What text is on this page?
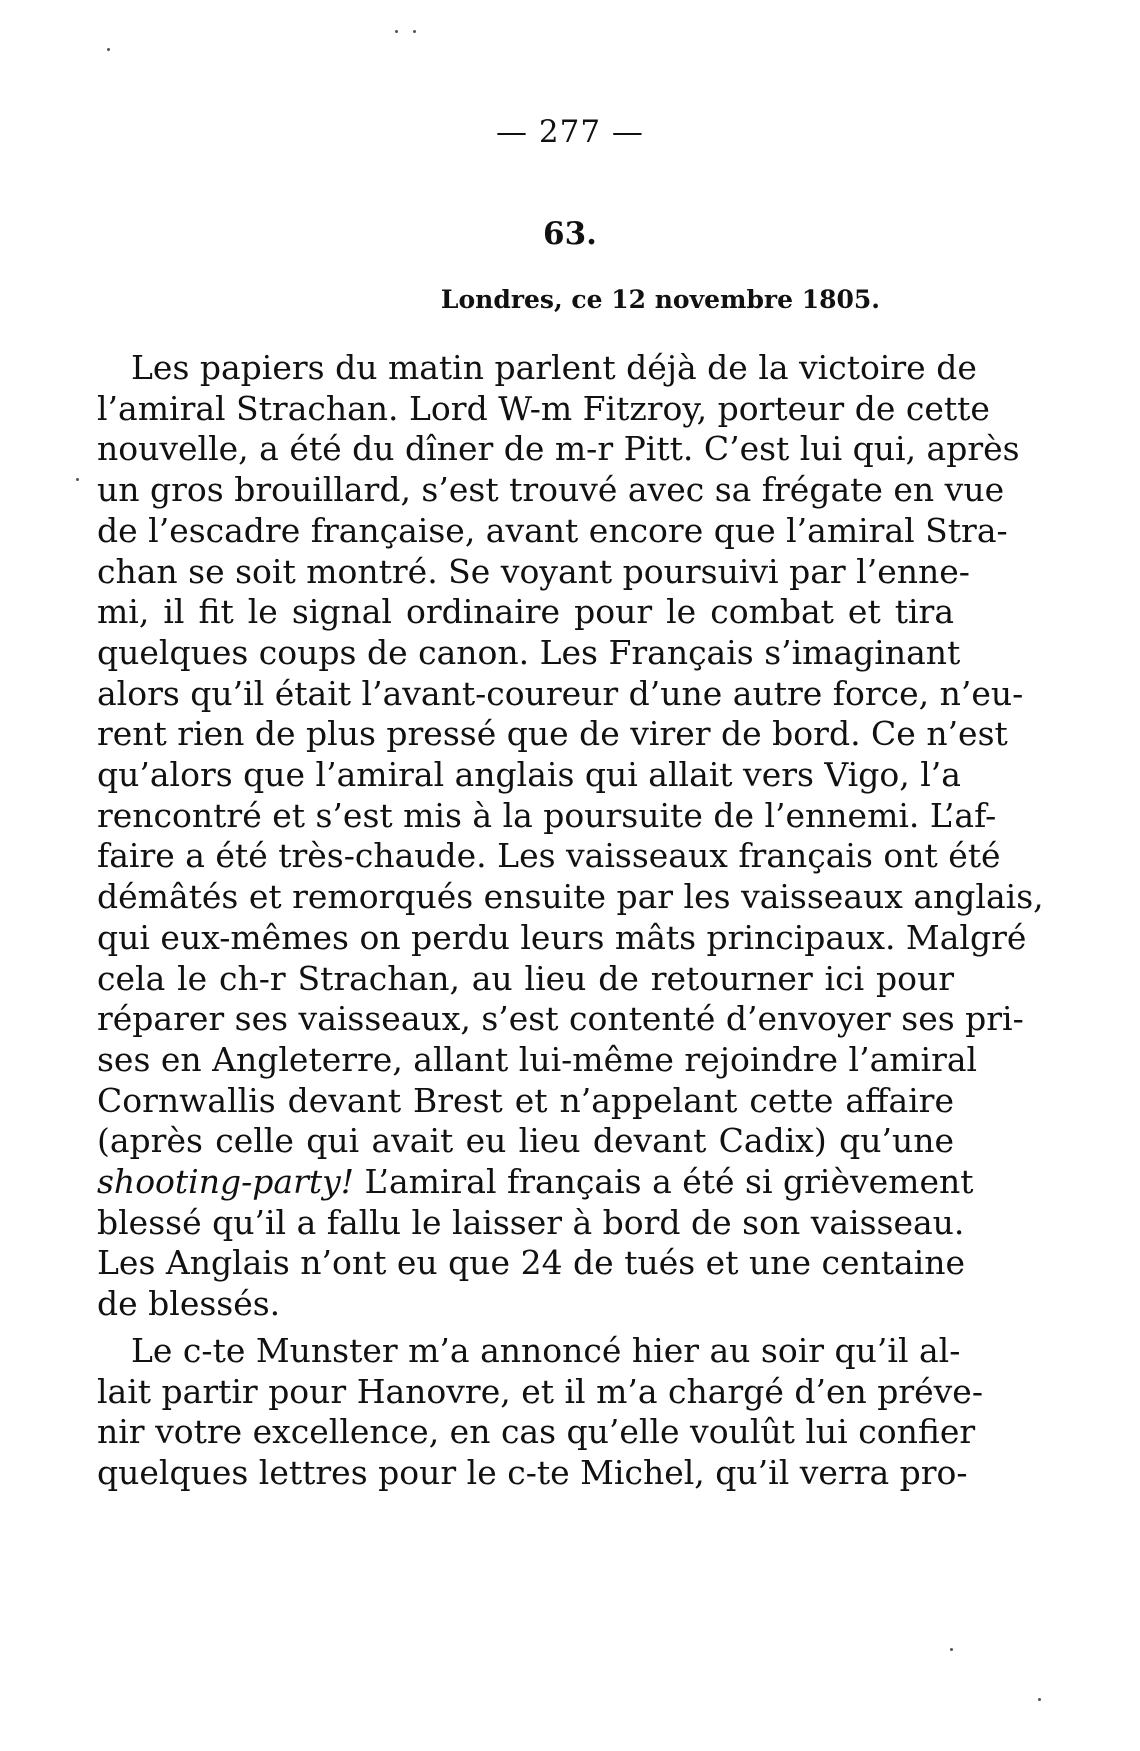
— 277 —
63.
Londres, ce 12 novembre 1805.
Les papiers du matin parlent déjà de la victoire de
l’amiral Strachan. Lord W-m Fitzroy, porteur de cette
nouvelle, a été du dîner de m-r Pitt. C’est lui qui, après
un gros brouillard, s’est trouvé avec sa frégate en vue
de l’escadre française, avant encore que l’amiral Stra-
chan se soit montré. Se voyant poursuivi par l’enne-
mi, il fit le signal ordinaire pour le combat et tira
quelques coups de canon. Les Français s’imaginant
alors qu’il était l’avant-coureur d’une autre force, n’eu-
rent rien de plus pressé que de virer de bord. Ce n’est
qu’alors que l’amiral anglais qui allait vers Vigo, l’a
rencontré et s’est mis à la poursuite de l’ennemi. L’af-
faire a été très-chaude. Les vaisseaux français ont été
démâtés et remorqués ensuite par les vaisseaux anglais,
qui eux-mêmes on perdu leurs mâts principaux. Malgré
cela le ch-r Strachan, au lieu de retourner ici pour
réparer ses vaisseaux, s’est contenté d’envoyer ses pri-
ses en Angleterre, allant lui-même rejoindre l’amiral
Cornwallis devant Brest et n’appelant cette affaire
(après celle qui avait eu lieu devant Cadix) qu’une
shooting-party! L’amiral français a été si grièvement
blessé qu’il a fallu le laisser à bord de son vaisseau.
Les Anglais n’ont eu que 24 de tués et une centaine
de blessés.
Le c-te Munster m’a annoncé hier au soir qu’il al-
lait partir pour Hanovre, et il m’a chargé d’en préve-
nir votre excellence, en cas qu’elle voulût lui confier
quelques lettres pour le c-te Michel, qu’il verra pro-
